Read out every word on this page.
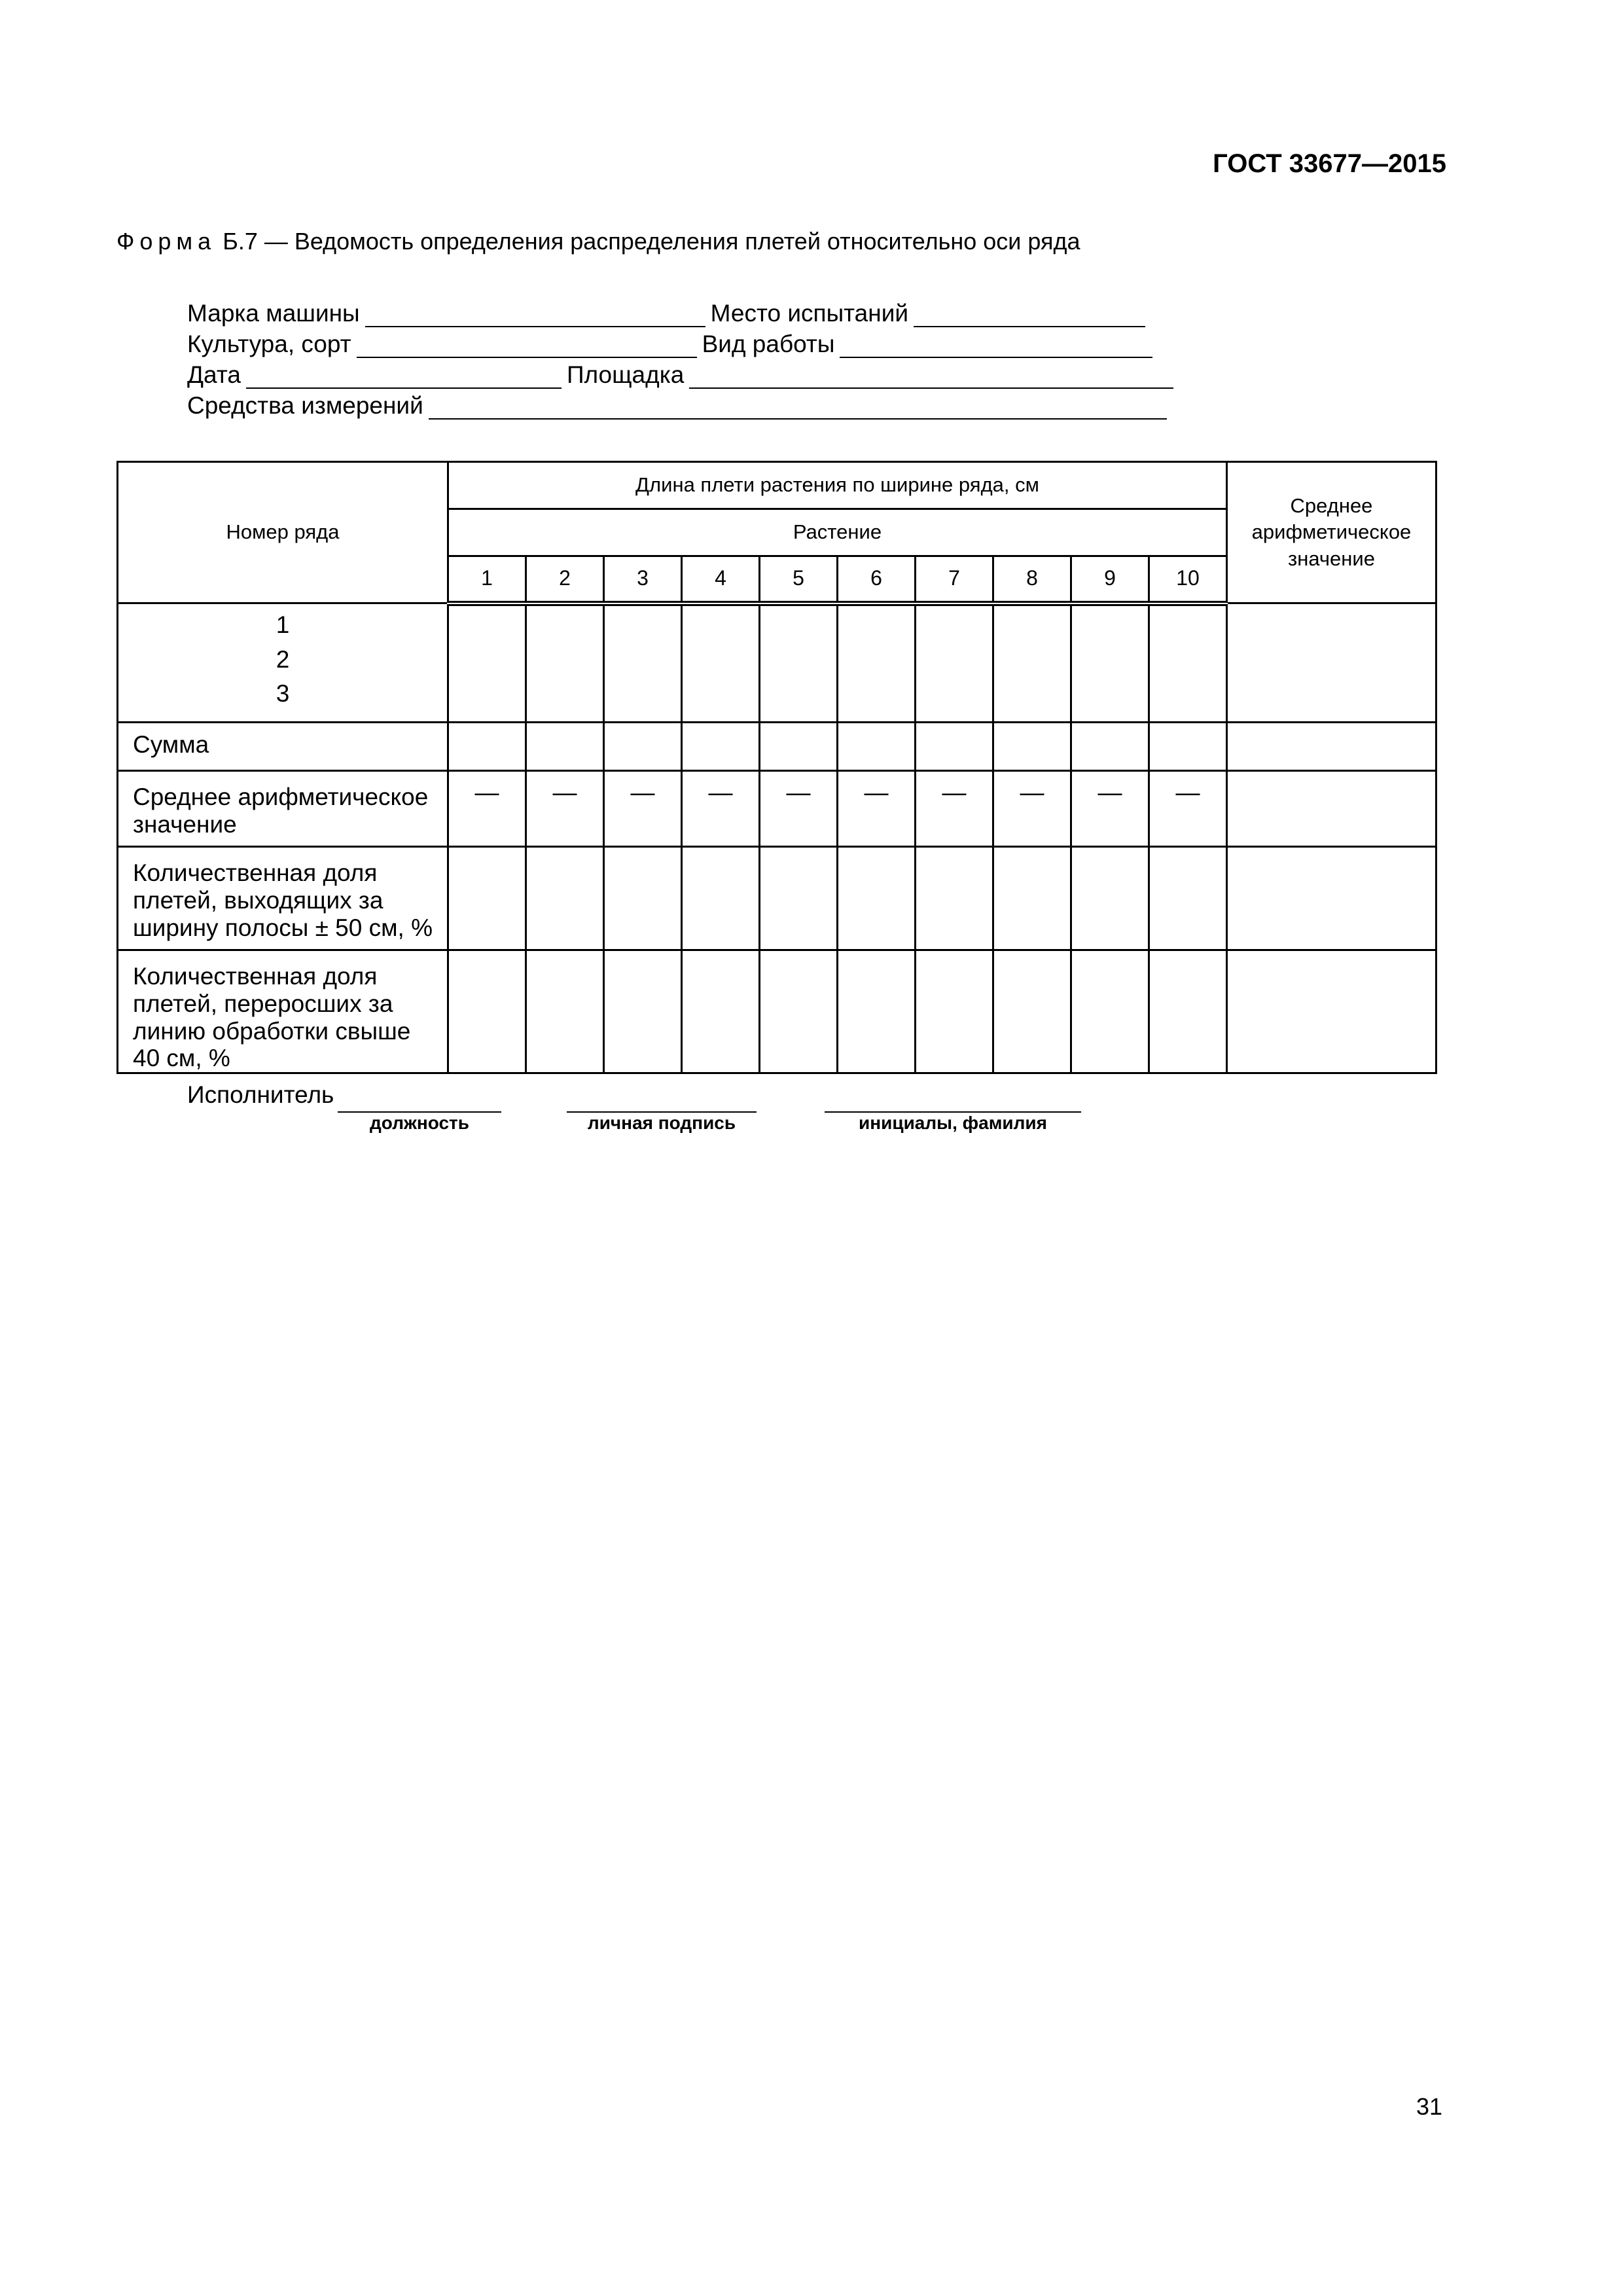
ГОСТ 33677—2015
Форма Б.7 — Ведомость определения распределения плетей относительно оси ряда
Марка машины	Место испытаний
Культура, сорт	Вид работы
Дата	Площадка
Средства измерений
Номер ряда	Длина плети растения по ширине ряда, см										Среднее арифметическое значение
	Растение										
	1	2	3	4	5	6	7	8	9	10	

1
2
3											

Сумма											
Среднее арифметическое значение	—	—	—	—	—	—	—	—	—	—	
Количественная доля плетей, выходящих за ширину полосы ± 50 см, %											
Количественная доля плетей, переросших за линию обработки свыше 40 см, %											
Исполнитель
должность	личная подпись	инициалы, фамилия
31
